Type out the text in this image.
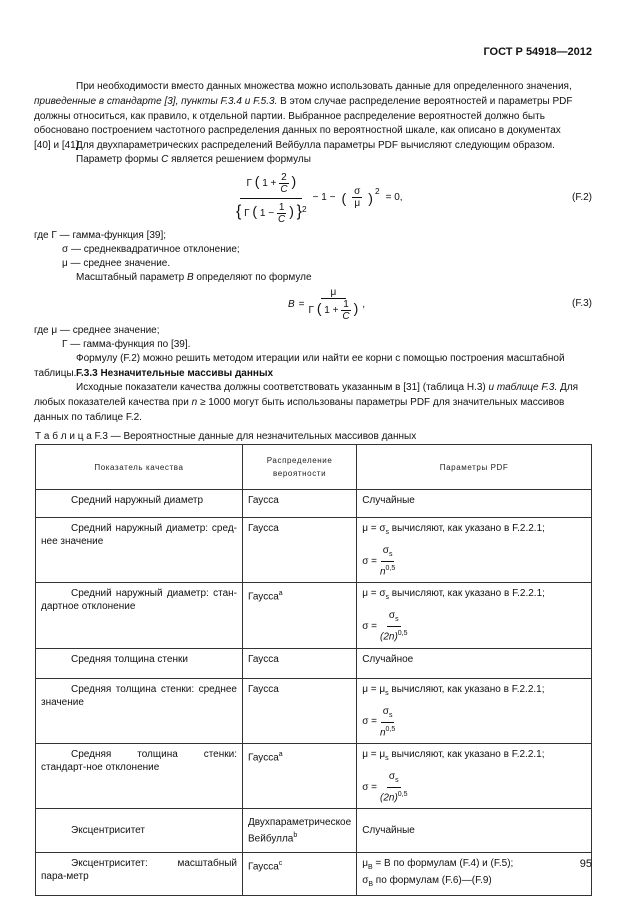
ГОСТ Р 54918—2012
При необходимости вместо данных множества можно использовать данные для определенного значения,
приведенные в стандарте [3], пункты F.3.4 и F.5.3. В этом случае распределение вероятностей и параметры PDF
должны относиться, как правило, к отдельной партии. Выбранное распределение вероятностей должно быть
обосновано построением частотного распределения данных по вероятностной шкале, как описано в документах
[40] и [41].
Для двухпараметрических распределений Вейбулла параметры PDF вычисляют следующим образом.
Параметр формы C является решением формулы
Γ ( $1 + \frac{2}{C}$ )
{ Γ ( $1 - \frac{1}{C}$ ) }$^2$
− 1 − ( $\frac{\sigma}{\mu} )^2$
= 0,	(F.2)
где Γ — гамма-функция [39];
σ — среднеквадратичное отклонение;
μ — среднее значение.
Масштабный параметр B определяют по формуле
$B = \frac{\mu}{\Gamma ( 1 + \frac{1}{C} )}$ ,	(F.3)
где μ — среднее значение;
Γ — гамма-функция по [39].
Формулу (F.2) можно решить методом итерации или найти ее корни с помощью построения масштабной
таблицы. F.3.3 Незначительные массивы данных
Исходные показатели качества должны соответствовать указанным в [31] (таблица H.3) и таблице F.3. Для
любых показателей качества при n ≥ 1000 могут быть использованы параметры PDF для значительных массивов
данных по таблице F.2.
Т а б л и ц а F.3 — Вероятностные данные для незначительных массивов данных
Показатель качества	Распределение вероятности	Параметры PDF
Средний наружный диаметр	Гаусса	Случайные
Средний наружный диаметр: сред-нее значение	Гаусса	$\mu = \sigma_s$ вычисляют, как указано в F.2.2.1;
$\sigma = \frac{\sigma_s}{n^{0,5}}$

Средний наружный диаметр: стан-дартное отклонение	Гаусса$^a$	$\mu = \sigma_s$ вычисляют, как указано в F.2.2.1;
$\sigma = \frac{\sigma_s}{(2n)^{0,5}}$

Средняя толщина стенки	Гаусса	Случайное
Средняя толщина стенки: среднее значение	Гаусса	$\mu = \mu_s$ вычисляют, как указано в F.2.2.1;
$\sigma = \frac{\sigma_s}{n^{0,5}}$

Средняя толщина стенки: стандарт-ное отклонение	Гаусса$^a$	$\mu = \mu_s$ вычисляют, как указано в F.2.2.1;
$\sigma = \frac{\sigma_s}{(2n)^{0,5}}$

Эксцентриситет	Двухпараметрическое Вейбулла$^b$	Случайные
Эксцентриситет: масштабный пара-метр	Гаусса$^c$	$\mu_B = B$ по формулам (F.4) и (F.5);
$\sigma_B$ по формулам (F.6)—(F.9)
95
